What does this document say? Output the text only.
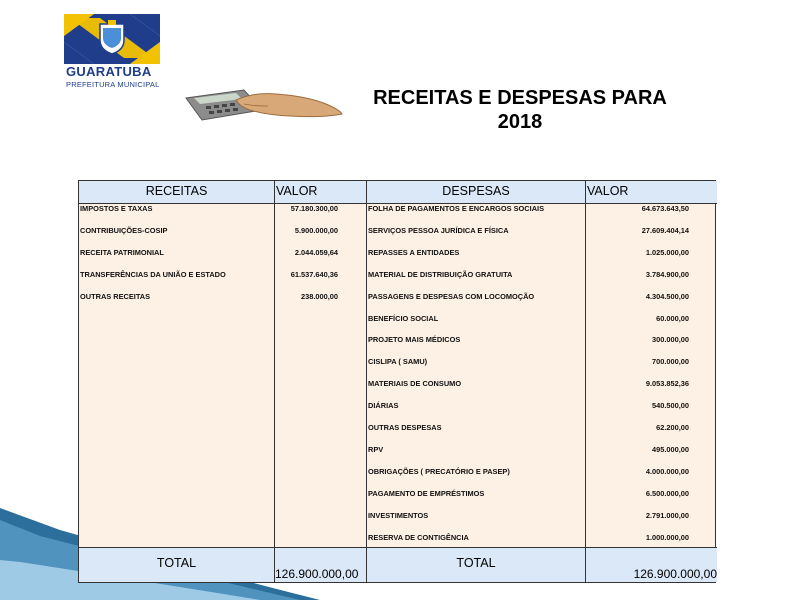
GUARATUBA
PREFEITURA MUNICIPAL
RECEITAS E DESPESAS PARA
2018
RECEITAS
IMPOSTOS E TAXAS
CONTRIBUIÇÕES-COSIP
RECEITA PATRIMONIAL
TRANSFERÊNCIAS DA UNIÃO E ESTADO
OUTRAS RECEITAS
TOTAL
VALOR
57.180.300,00
5.900.000,00
2.044.059,64
61.537.640,36
238.000,00
126.900.000,00
DESPESAS
FOLHA DE PAGAMENTOS E ENCARGOS SOCIAIS
SERVIÇOS PESSOA JURÍDICA E FÍSICA
REPASSES A ENTIDADES
MATERIAL DE DISTRIBUIÇÃO GRATUITA
PASSAGENS E DESPESAS COM LOCOMOÇÃO
BENEFÍCIO SOCIAL
PROJETO MAIS MÉDICOS
CISLIPA ( SAMU)
MATERIAIS DE CONSUMO
DIÁRIAS
OUTRAS DESPESAS
RPV
OBRIGAÇÕES ( PRECATÓRIO E PASEP)
PAGAMENTO DE EMPRÉSTIMOS
INVESTIMENTOS
RESERVA DE CONTIGÊNCIA
TOTAL
VALOR
64.673.643,50
27.609.404,14
1.025.000,00
3.784.900,00
4.304.500,00
60.000,00
300.000,00
700.000,00
9.053.852,36
540.500,00
62.200,00
495.000,00
4.000.000,00
6.500.000,00
2.791.000,00
1.000.000,00
126.900.000,00
